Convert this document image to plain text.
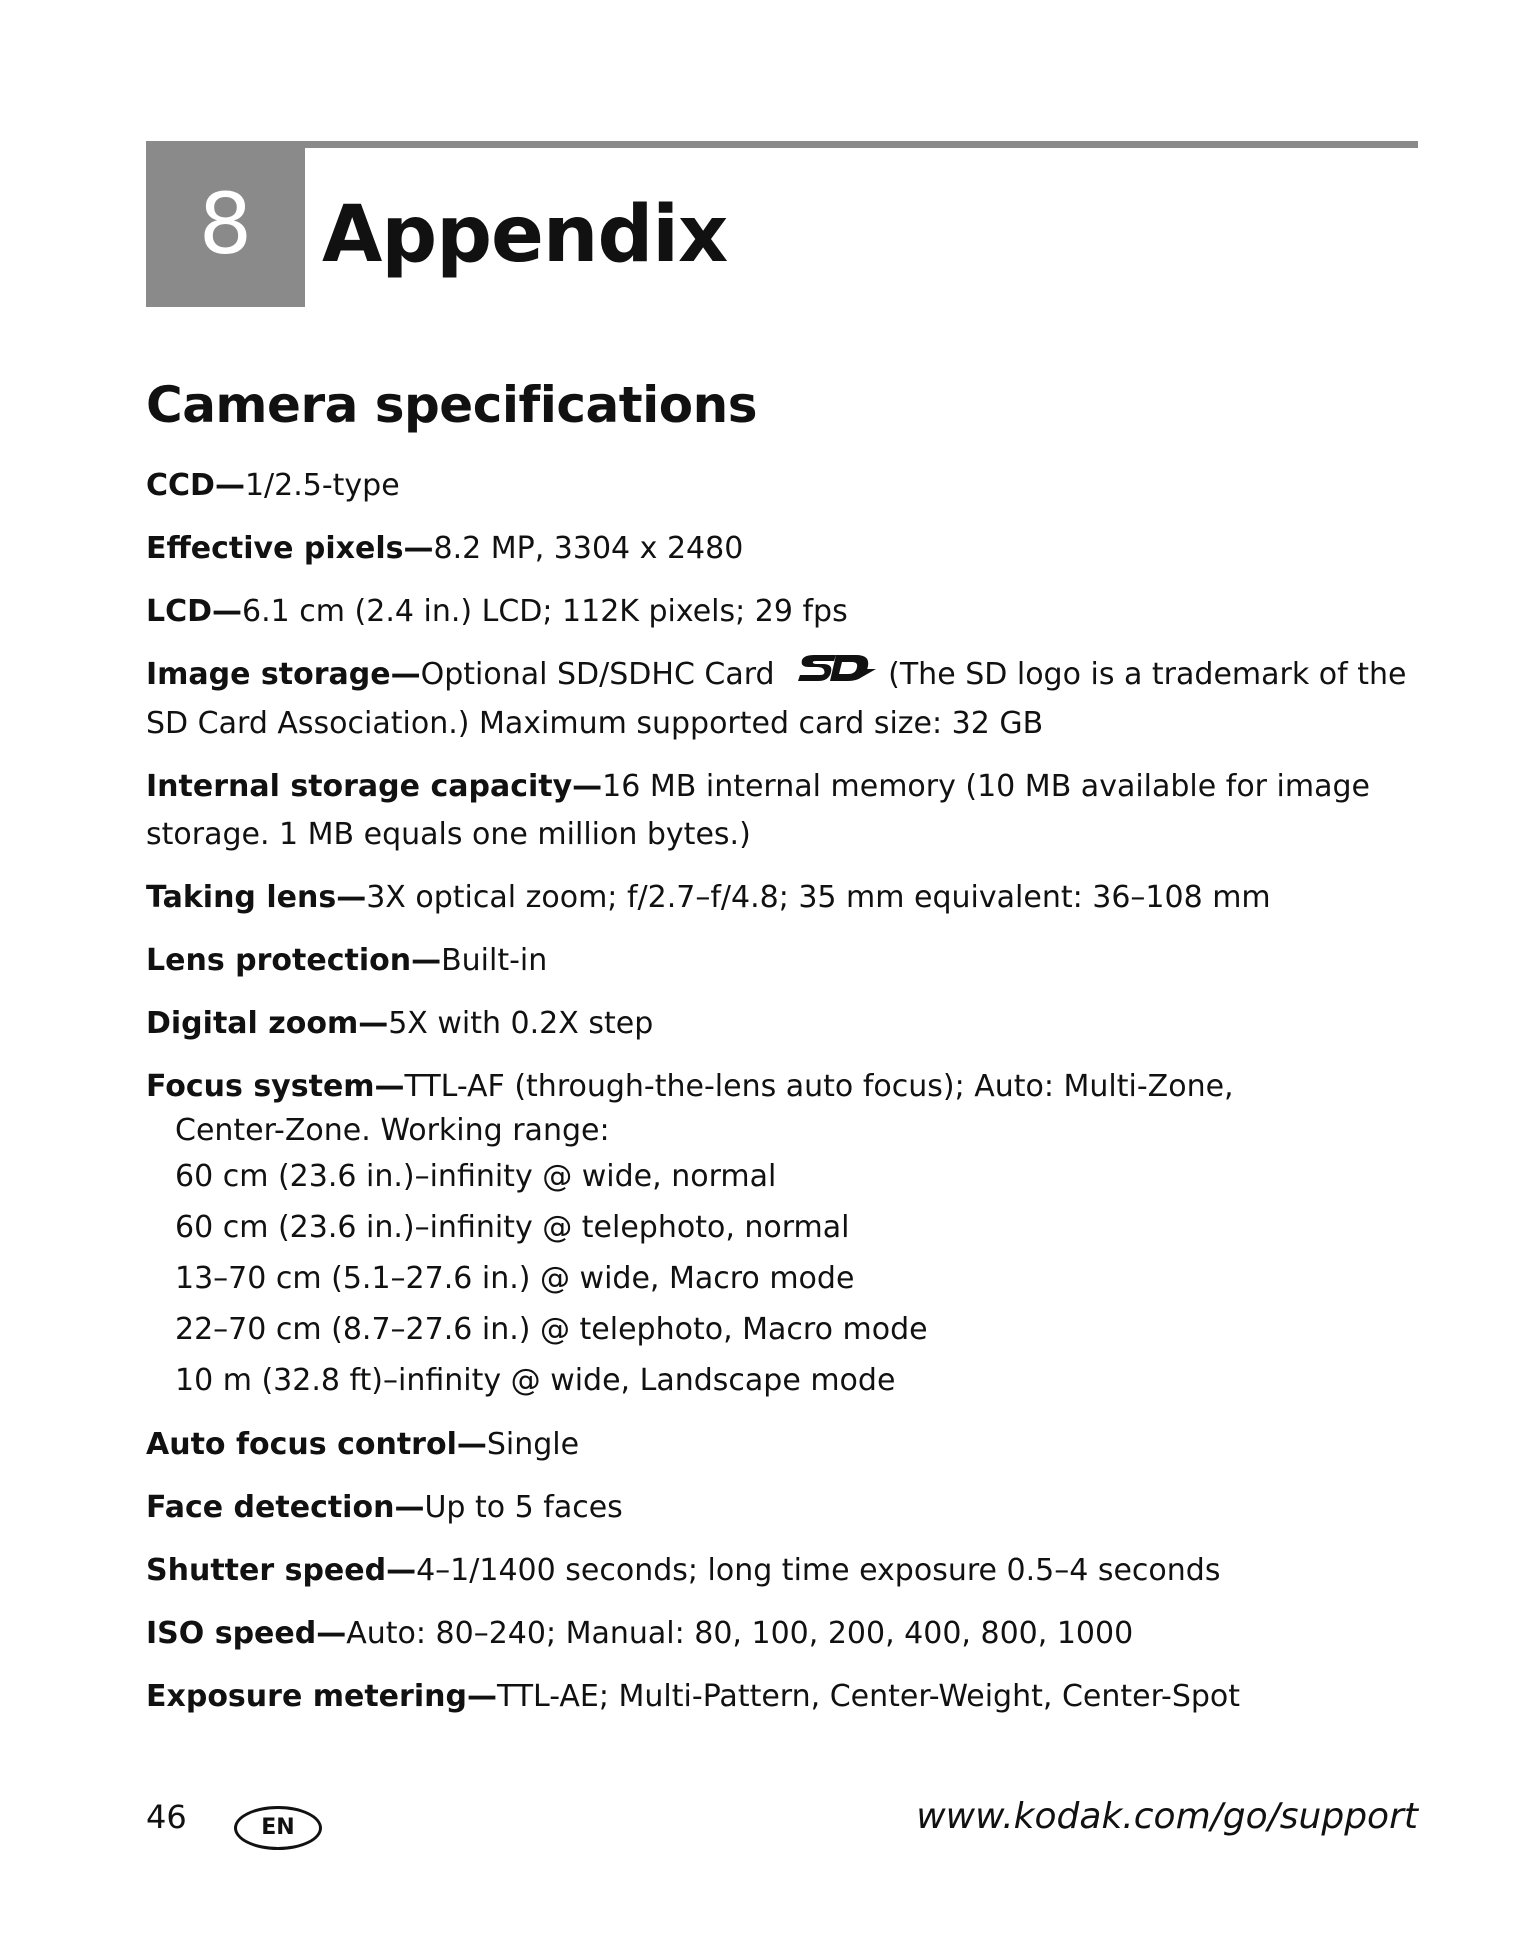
8 Appendix
Camera specifications
CCD—1/2.5-type
Effective pixels—8.2 MP, 3304 x 2480
LCD—6.1 cm (2.4 in.) LCD; 112K pixels; 29 fps
Image storage—Optional SD/SDHC Card	(The SD logo is a trademark of the SD Card Association.) Maximum supported card size: 32 GB
Internal storage capacity—16 MB internal memory (10 MB available for image storage. 1 MB equals one million bytes.)
Taking lens—3X optical zoom; f/2.7–f/4.8; 35 mm equivalent: 36–108 mm
Lens protection—Built-in
Digital zoom—5X with 0.2X step
Focus system—TTL-AF (through-the-lens auto focus); Auto: Multi-Zone,
Center-Zone. Working range:
60 cm (23.6 in.)–infinity @ wide, normal
60 cm (23.6 in.)–infinity @ telephoto, normal
13–70 cm (5.1–27.6 in.) @ wide, Macro mode
22–70 cm (8.7–27.6 in.) @ telephoto, Macro mode
10 m (32.8 ft)–infinity @ wide, Landscape mode
Auto focus control—Single
Face detection—Up to 5 faces
Shutter speed—4–1/1400 seconds; long time exposure 0.5–4 seconds
ISO speed—Auto: 80–240; Manual: 80, 100, 200, 400, 800, 1000
Exposure metering—TTL-AE; Multi-Pattern, Center-Weight, Center-Spot
46	EN	www.kodak.com/go/support
